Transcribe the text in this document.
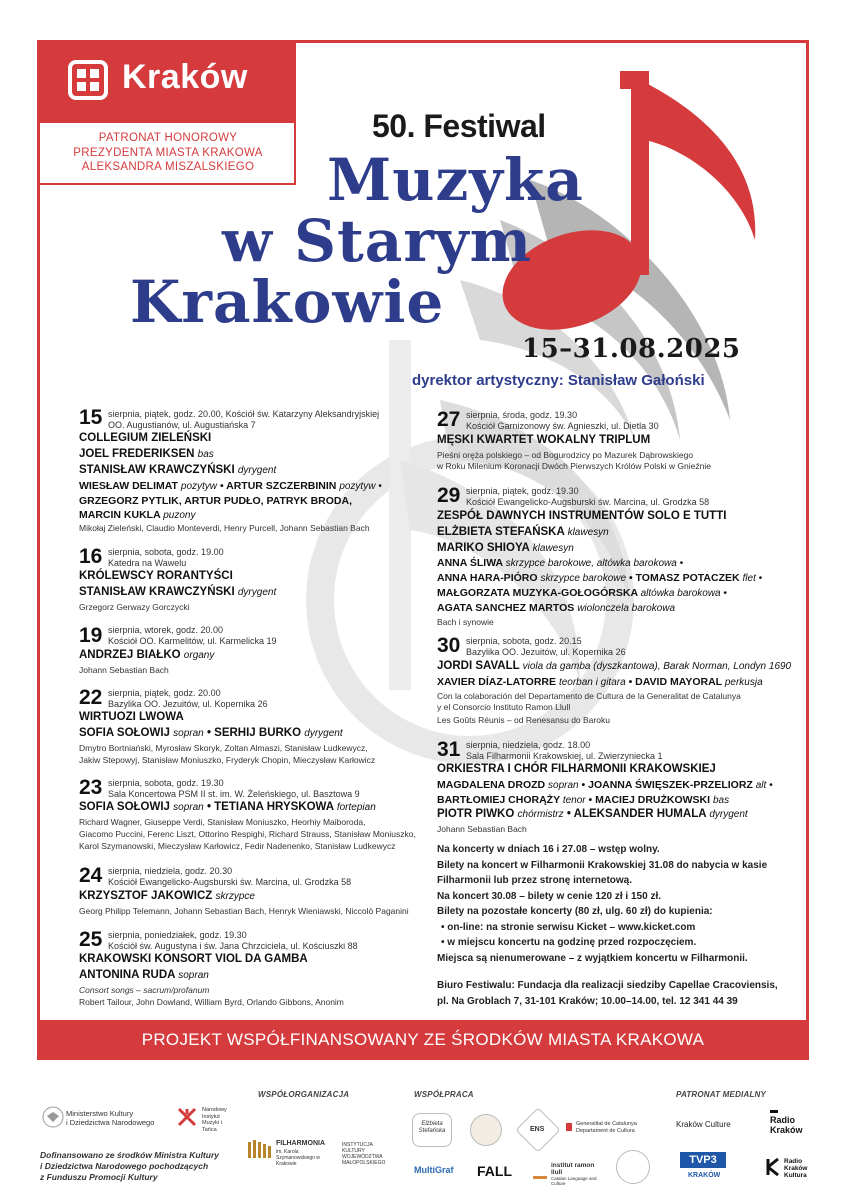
Kraków
PATRONAT HONOROWY
PREZYDENTA MIASTA KRAKOWA
ALEKSANDRA MISZALSKIEGO
50. Festiwal
Muzyka
w Starym
Krakowie
15–31.08.2025
dyrektor artystyczny: Stanisław Gałoński
15 sierpnia, piątek, godz. 20.00, Kościół św. Katarzyny Aleksandryjskiej
OO. Augustianów, ul. Augustiańska 7
COLLEGIUM ZIELEŃSKI
JOEL FREDERIKSEN bas
STANISŁAW KRAWCZYŃSKI dyrygent
WIESŁAW DELIMAT pozytyw • ARTUR SZCZERBININ pozytyw •
GRZEGORZ PYTLIK, ARTUR PUDŁO, PATRYK BRODA,
MARCIN KUKLA puzony
Mikołaj Zieleński, Claudio Monteverdi, Henry Purcell, Johann Sebastian Bach
16 sierpnia, sobota, godz. 19.00
Katedra na Wawelu
KRÓLEWSCY RORANTYŚCI
STANISŁAW KRAWCZYŃSKI dyrygent
Grzegorz Gerwazy Gorczycki
19 sierpnia, wtorek, godz. 20.00
Kościół OO. Karmelitów, ul. Karmelicka 19
ANDRZEJ BIAŁKO organy
Johann Sebastian Bach
22 sierpnia, piątek, godz. 20.00
Bazylika OO. Jezuitów, ul. Kopernika 26
WIRTUOZI LWOWA
SOFIA SOŁOWIJ sopran • SERHIJ BURKO dyrygent
Dmytro Bortniański, Myrosław Skoryk, Zoltan Almaszi, Stanisław Ludkewycz,
Jakiw Stepowyj, Stanisław Moniuszko, Fryderyk Chopin, Mieczysław Karłowicz
23 sierpnia, sobota, godz. 19.30
Sala Koncertowa PSM II st. im. W. Żeleńskiego, ul. Basztowa 9
SOFIA SOŁOWIJ sopran • TETIANA HRYSKOWA fortepian
Richard Wagner, Giuseppe Verdi, Stanisław Moniuszko, Heorhiy Maiboroda,
Giacomo Puccini, Ferenc Liszt, Ottorino Respighi, Richard Strauss, Stanisław Moniuszko,
Karol Szymanowski, Mieczysław Karłowicz, Fedir Nadenenko, Stanisław Ludkewycz
24 sierpnia, niedziela, godz. 20.30
Kościół Ewangelicko-Augsburski św. Marcina, ul. Grodzka 58
KRZYSZTOF JAKOWICZ skrzypce
Georg Philipp Telemann, Johann Sebastian Bach, Henryk Wieniawski, Niccolò Paganini
25 sierpnia, poniedziałek, godz. 19.30
Kościół św. Augustyna i św. Jana Chrzciciela, ul. Kościuszki 88
KRAKOWSKI KONSORT VIOL DA GAMBA
ANTONINA RUDA sopran
Consort songs – sacrum/profanum
Robert Tailour, John Dowland, William Byrd, Orlando Gibbons, Anonim
27 sierpnia, środa, godz. 19.30
Kościół Garnizonowy św. Agnieszki, ul. Dietla 30
MĘSKI KWARTET WOKALNY TRIPLUM
Pieśni oręża polskiego – od Bogurodzicy po Mazurek Dąbrowskiego
w Roku Milenium Koronacji Dwóch Pierwszych Królów Polski w Gnieźnie
29 sierpnia, piątek, godz. 19.30
Kościół Ewangelicko-Augsburski św. Marcina, ul. Grodzka 58
ZESPÓŁ DAWNYCH INSTRUMENTÓW SOLO E TUTTI
ELŻBIETA STEFAŃSKA klawesyn
MARIKO SHIOYA klawesyn
ANNA ŚLIWA skrzypce barokowe, altówka barokowa •
ANNA HARA-PIÓRO skrzypce barokowe • TOMASZ POTACZEK flet •
MAŁGORZATA MUZYKA-GOŁOGÓRSKA altówka barokowa •
AGATA SANCHEZ MARTOS wiolonczela barokowa
Bach i synowie
30 sierpnia, sobota, godz. 20.15
Bazylika OO. Jezuitów, ul. Kopernika 26
JORDI SAVALL viola da gamba (dyszkantowa), Barak Norman, Londyn 1690
XAVIER DÍAZ-LATORRE teorban i gitara • DAVID MAYORAL perkusja
Con la colaboración del Departamento de Cultura de la Generalitat de Catalunya
y el Consorcio Instituto Ramon Llull
Les Goûts Réunis – od Renesansu do Baroku
31 sierpnia, niedziela, godz. 18.00
Sala Filharmonii Krakowskiej, ul. Zwierzyniecka 1
ORKIESTRA I CHÓR FILHARMONII KRAKOWSKIEJ
MAGDALENA DROZD sopran • JOANNA ŚWIĘSZEK-PRZELIORZ alt •
BARTŁOMIEJ CHORĄŻY tenor • MACIEJ DRUŻKOWSKI bas
PIOTR PIWKO chórmistrz • ALEKSANDER HUMALA dyrygent
Johann Sebastian Bach
Na koncerty w dniach 16 i 27.08 – wstęp wolny.
Bilety na koncert w Filharmonii Krakowskiej 31.08 do nabycia w kasie
Filharmonii lub przez stronę internetową.
Na koncert 30.08 – bilety w cenie 120 zł i 150 zł.
Bilety na pozostałe koncerty (80 zł, ulg. 60 zł) do kupienia:
• on-line: na stronie serwisu Kicket – www.kicket.com
• w miejscu koncertu na godzinę przed rozpoczęciem.
Miejsca są nienumerowane – z wyjątkiem koncertu w Filharmonii.
Biuro Festiwalu: Fundacja dla realizacji siedziby Capellae Cracoviensis,
pl. Na Groblach 7, 31-101 Kraków; 10.00–14.00, tel. 12 341 44 39
PROJEKT WSPÓŁFINANSOWANY ZE ŚRODKÓW MIASTA KRAKOWA
WSPÓŁORGANIZACJA	WSPÓŁPRACA	PATRONAT MEDIALNY
Ministerstwo Kultury
i Dziedzictwa Narodowego
Narodowy Instytut Muzyki i Tańca
Dofinansowano ze środków Ministra Kultury
i Dziedzictwa Narodowego pochodzących
z Funduszu Promocji Kultury
FILHARMONIA
im. Karola Szymanowskiego w Krakowie
INSTYTUCJA KULTURY WOJEWÓDZTWA MAŁOPOLSKIEGO
Elżbieta Stefańska	ENS
Generalitat de Catalunya Departament de Cultura
MultiGraf FALL	institut ramon llull
Catalan Language and Culture
Kraków Culture	Radio
Kraków
TVP3
KRAKÓW
Radio
Kraków
Kultura
